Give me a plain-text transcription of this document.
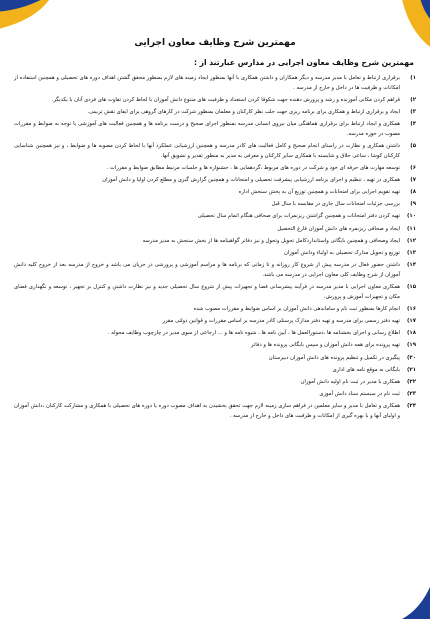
مهمترین شرح وظایف معاون اجرایی
مهمترین شرح وظایف معاون اجرایی در مدارس عبارتند از :
۱)
برقراری ارتباط و تعامل با مدیر مدرسه و دیگر همکاران و داشتن همکاری با آنها بمنظور ایجاد زمینه های لازم بمنظور محقق گشتن اهداف دوره های تحصیلی و همچنین استفاده از امکانات و ظرفیت ها در داخل و خارج از مدرسه .
۲)
فراهم کردن مکانی آموزنده و رشد و پرورش دهنده جهت شکوفا کردن استعداد و ظرفیت های متنوع دانش آموزان با لحاظ کردن تفاوت های فردی آنان با یکدیگر.
۳)
ایجاد و برقراری ارتباط و همکاری برای برنامه ریزی جهت جلب نظر کارکنان و معلمان بمنظور شرکت در کارهای گروهی برای ایفای نقش تربیتی.
۴)
همکاری و ایجاد ارتباط برای برقراری هماهنگی میان نیروی انسانی مدرسه بمنظور اجرای صحیح و درست برنامه ها و همچنین فعالیت های آموزشی با توجه به ضوابط و مقررات مصوب در حوزه مدرسه.
۵)
داشتن همکاری و نظارت در راستای انجام صحیح و کامل فعالیت های کادر مدرسه و همچنین ارزشیابی عملکرد آنها با لحاظ کردن مصوبه ها و ضوابط ، و نیز همچنین شناسایی کارکنان کوشا ، ساعی خلاق و شایسته با همکاری سایر کارکنان و معرفی به مدیر به منظور تقدیر و تشویق آنها.
۶)
توسعه مهارت های حرفه ای خود و شرکت در دوره های مربوط ،گردهمایی ها ، جشنواره ها و جلسات مرتبط مطابق ضوابط و مقررات .
۷)
همکاری در تهیه ، تنظیم و اجرای برنامه ارزشیابی پیشرفت تحصیلی و امتحانات و همچنین گزارش گیری و مطلع کردن اولیا و دانش آموزان
۸)
تهیه تقویم اجرایی برای امتحانات و همچنین توزیع آن به پخش سنجش اداره
۹)
بررسی جزئیات امتحانات سال جاری در مقایسه با سال قبل
۱۰)
تهیه کردن دفتر امتحانات و همچنین گزاشتن ریزنمرات برای صحافی هنگام اتمام سال تحصیلی
۱۱)
ایجاد و صحافی ریزنمره های دانش آموزان فارغ التحصیل
۱۲)
ایجاد وصحافی و همچنین بایگانی واستانداردکامل تحویل وتحول و نیز دفاتر گواهینامه ها از بخش سنجش به مدیر مدرسه
۱۳)
توزیع و تحویل مدارک تحصیلی به اولیاء ودانش آموزان
۱۴)
داشتن حضور فعال در مدرسه پیش از شروع کار روزانه و تا زمانی که برنامه ها و مراسم آموزشی و پرورشی در جریان می باشد و خروج از مدرسه بعد از خروج کلیه دانش آموزان از شرح وظایف کلی معاون اجرایی در مدرسه می باشد.
۱۵)
همکاری معاون اجرایی با مدیر مدرسه در فرآیند پیشرسانی فضا و تجهیزات پیش از شروع سال تحصیلی جدید و نیز نظارت داشتن و کنترل بر تجهیز ، توسعه و نگهداری فضای مکان و تجهیزات آموزش و پرورش.
۱۶)
انجام کارها بمنظور ثبت نام و ساماندهی دانش آموزان بر اساس ضوابط و مقررات مصوب شده
۱۷)
تهیه دفتر رسمی برای مدرسه و تهیه دفتر مدارک پرسنلی کادر مدرسه بر اساس مقررات و قوانین دولتی مقرر
۱۸)
اطلاع رسانی و اجرای بخشنامه ها ،دستورالعمل ها ، آیین نامه ها ، شیوه نامه ها و ... ارجاعی از سوی مدیر در چارچوب وظایف محوله .
۱۹)
تهیه پرونده برای همه دانش آموزان و سپس بایگانی پرونده ها و دفاتر
۲۰)
پیگیری در تکمیل و تنظیم پرونده های دانش آموزان دبیرستان
۲۱)
بایگانی به موقع نامه های اداری
۲۲)
همکاری با مدیر در ثبت نام اولیه دانش آموزان
۲۳)
ثبت نام در سیستم سناد دانش آموزی
۲۴)
همکاری و تعامل با مدیر و سایر معلمین در فراهم سازی زمینه لازم جهت تحقق بخشیدن به اهداف مصوب دوره یا دوره های تحصیلی با همکاری و مشارکت کارکنان ،دانش آموزان و اولیای آنها و با بهره گیری از امکانات و ظرفیت های داخل و خارج از مدرسه .
